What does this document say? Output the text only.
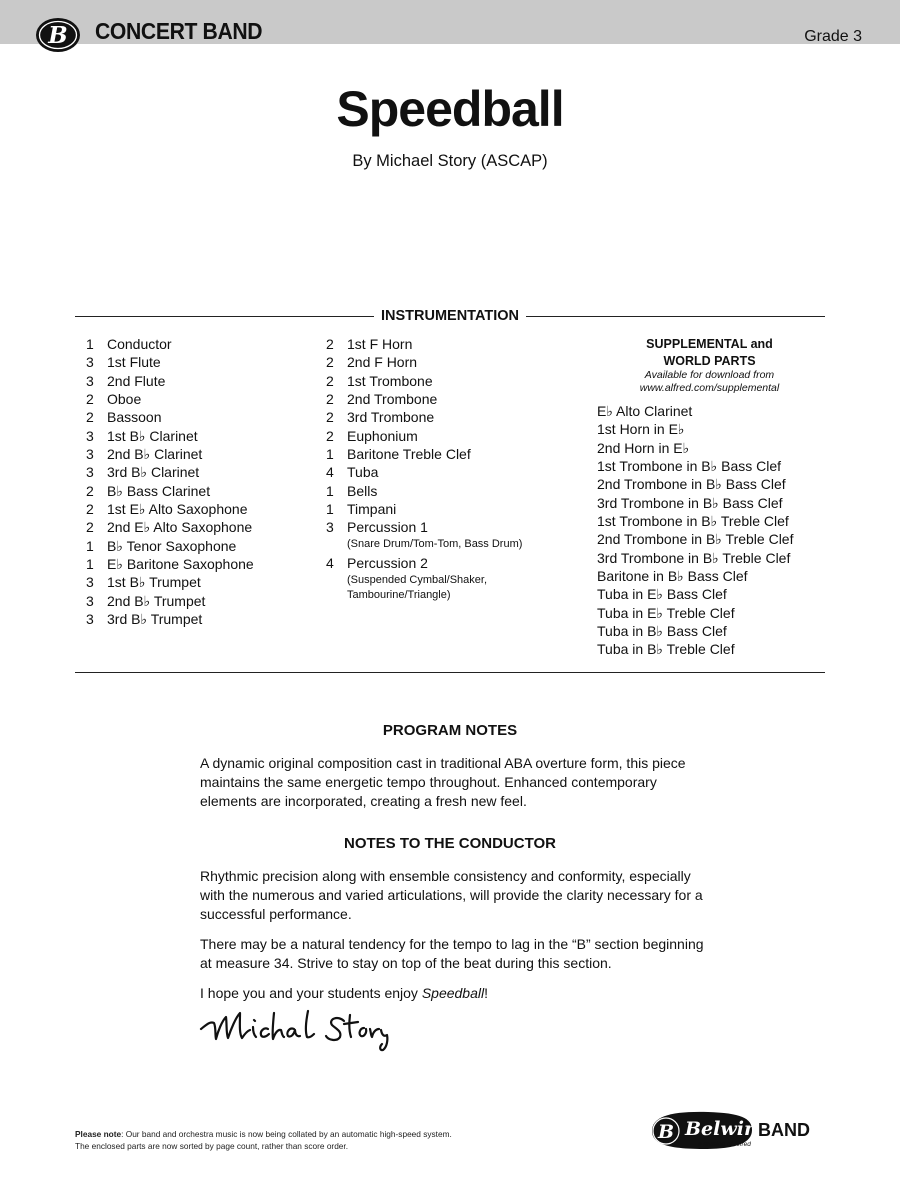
B CONCERT BAND	Grade 3
Speedball
By Michael Story (ASCAP)
INSTRUMENTATION
1 Conductor
3 1st Flute
3 2nd Flute
2 Oboe
2 Bassoon
3 1st B♭ Clarinet
3 2nd B♭ Clarinet
3 3rd B♭ Clarinet
2 B♭ Bass Clarinet
2 1st E♭ Alto Saxophone
2 2nd E♭ Alto Saxophone
1 B♭ Tenor Saxophone
1 E♭ Baritone Saxophone
3 1st B♭ Trumpet
3 2nd B♭ Trumpet
3 3rd B♭ Trumpet
2 1st F Horn
2 2nd F Horn
2 1st Trombone
2 2nd Trombone
2 3rd Trombone
2 Euphonium
1 Baritone Treble Clef
4 Tuba
1 Bells
1 Timpani
3 Percussion 1
(Snare Drum/Tom-Tom, Bass Drum)
4 Percussion 2
(Suspended Cymbal/Shaker,
Tambourine/Triangle)
SUPPLEMENTAL and
WORLD PARTS
Available for download from
www.alfred.com/supplemental
E♭ Alto Clarinet
1st Horn in E♭
2nd Horn in E♭
1st Trombone in B♭ Bass Clef
2nd Trombone in B♭ Bass Clef
3rd Trombone in B♭ Bass Clef
1st Trombone in B♭ Treble Clef
2nd Trombone in B♭ Treble Clef
3rd Trombone in B♭ Treble Clef
Baritone in B♭ Bass Clef
Tuba in E♭ Bass Clef
Tuba in E♭ Treble Clef
Tuba in B♭ Bass Clef
Tuba in B♭ Treble Clef
PROGRAM NOTES

A dynamic original composition cast in traditional ABA overture form, this piece maintains the same energetic tempo throughout. Enhanced contemporary elements are incorporated, creating a fresh new feel.

NOTES TO THE CONDUCTOR

Rhythmic precision along with ensemble consistency and conformity, especially with the numerous and varied articulations, will provide the clarity necessary for a successful performance.

There may be a natural tendency for the tempo to lag in the “B” section beginning at measure 34. Strive to stay on top of the beat during this section.

I hope you and your students enjoy Speedball!

Please note: Our band and orchestra music is now being collated by an automatic high-speed system.
The enclosed parts are now sorted by page count, rather than score order.
B Belwin BAND
a division of Alfred
